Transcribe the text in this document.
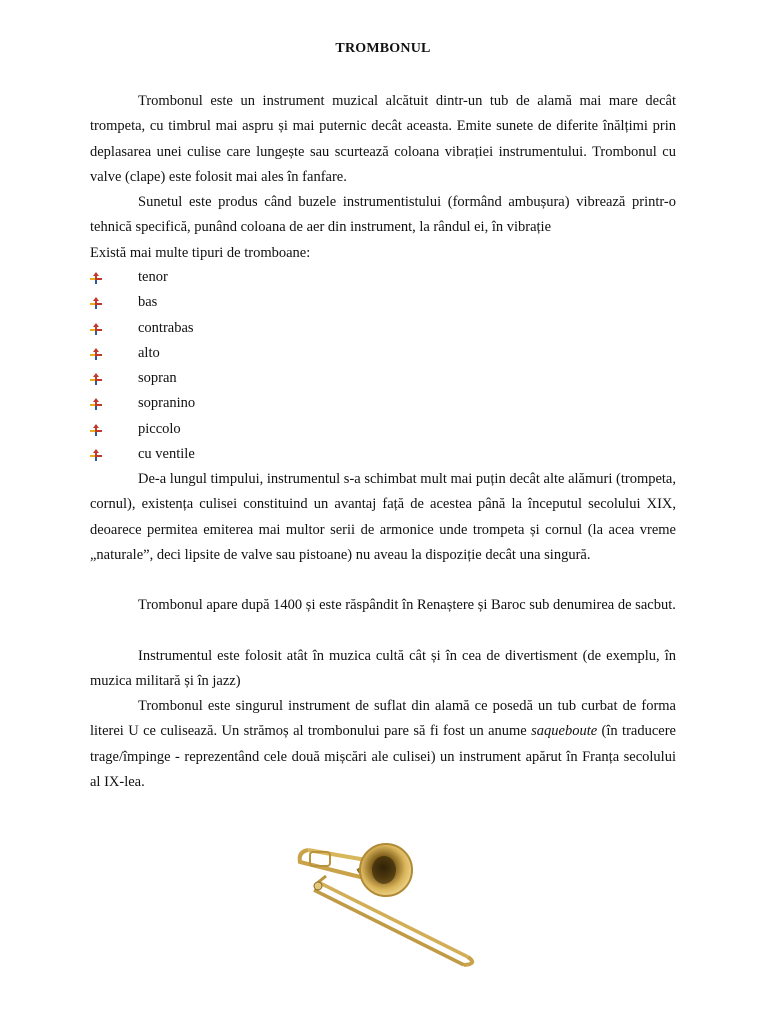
TROMBONUL

Trombonul este un instrument muzical alcătuit dintr-un tub de alamă mai mare decât trompeta, cu timbrul mai aspru și mai puternic decât aceasta. Emite sunete de diferite înălțimi prin deplasarea unei culise care lungește sau scurtează coloana vibrației instrumentului. Trombonul cu valve (clape) este folosit mai ales în fanfare.

Sunetul este produs când buzele instrumentistului (formând ambușura) vibrează printr-o tehnică specifică, punând coloana de aer din instrument, la rândul ei, în vibrație

Există mai multe tipuri de tromboane:

tenor
bas
contrabas
alto
sopran
sopranino
piccolo
cu ventile

De-a lungul timpului, instrumentul s-a schimbat mult mai puțin decât alte alămuri (trompeta, cornul), existența culisei constituind un avantaj față de acestea până la începutul secolului XIX, deoarece permitea emiterea mai multor serii de armonice unde trompeta și cornul (la acea vreme „naturale”, deci lipsite de valve sau pistoane) nu aveau la dispoziție decât una singură.

Trombonul apare după 1400 și este răspândit în Renaștere și Baroc sub denumirea de sacbut.

Instrumentul este folosit atât în muzica cultă cât și în cea de divertisment (de exemplu, în muzica militară și în jazz)

Trombonul este singurul instrument de suflat din alamă ce posedă un tub curbat de forma literei U ce culisează. Un strămoș al trombonului pare să fi fost un anume saqueboute (în traducere trage/împinge - reprezentând cele două mișcări ale culisei) un instrument apărut în Franța secolului al IX-lea.
